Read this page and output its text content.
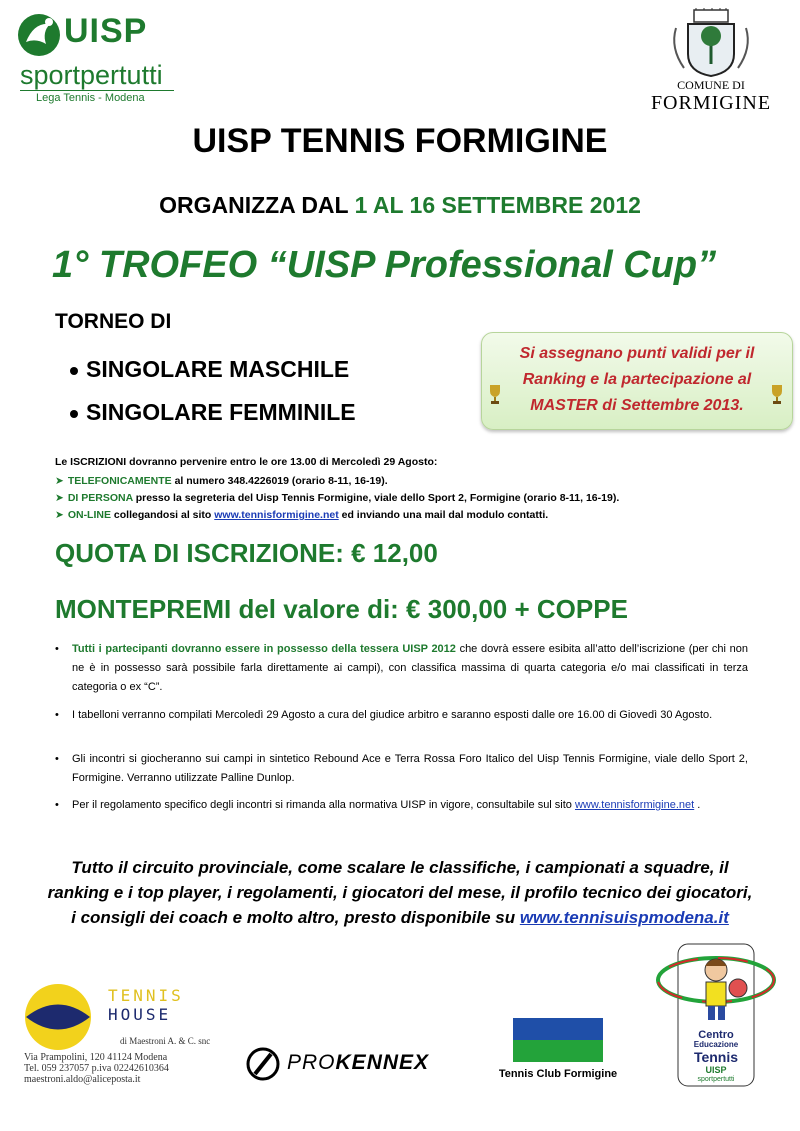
UISP
sportpertutti
Lega Tennis - Modena
COMUNE DI
FORMIGINE
UISP TENNIS FORMIGINE
ORGANIZZA DAL 1 AL 16 SETTEMBRE 2012
1° TROFEO “UISP Professional Cup”
TORNEO DI
SINGOLARE MASCHILE
SINGOLARE FEMMINILE
Si assegnano punti validi per il
Ranking e la partecipazione al
MASTER di Settembre 2013.
Le ISCRIZIONI dovranno pervenire entro le ore 13.00 di Mercoledì 29 Agosto:
➤ TELEFONICAMENTE al numero 348.4226019 (orario 8-11, 16-19).
➤ DI PERSONA presso la segreteria del Uisp Tennis Formigine, viale dello Sport 2, Formigine (orario 8-11, 16-19).
➤ ON-LINE collegandosi al sito www.tennisformigine.net ed inviando una mail dal modulo contatti.
QUOTA DI ISCRIZIONE: € 12,00
MONTEPREMI del valore di: € 300,00 + COPPE
• Tutti i partecipanti dovranno essere in possesso della tessera UISP 2012 che dovrà essere esibita all’atto dell’iscrizione (per chi non ne è in possesso sarà possibile farla direttamente ai campi), con classifica massima di quarta categoria e/o mai classificati in terza categoria o ex “C”.
• I tabelloni verranno compilati Mercoledì 29 Agosto a cura del giudice arbitro e saranno esposti dalle ore 16.00 di Giovedì 30 Agosto.
• Gli incontri si giocheranno sui campi in sintetico Rebound Ace e Terra Rossa Foro Italico del Uisp Tennis Formigine, viale dello Sport 2, Formigine. Verranno utilizzate Palline Dunlop.
• Per il regolamento specifico degli incontri si rimanda alla normativa UISP in vigore, consultabile sul sito www.tennisformigine.net .
Tutto il circuito provinciale, come scalare le classifiche, i campionati a squadre, il
ranking e i top player, i regolamenti, i giocatori del mese, il profilo tecnico dei giocatori,
i consigli dei coach e molto altro, presto disponibile su www.tennisuispmodena.it
TENNIS
HOUSE
di Maestroni A. & C. snc
Via Prampolini, 120 41124 Modena
Tel. 059 237057 p.iva 02242610364
maestroni.aldo@aliceposta.it
PROKENNEX	Tennis Club Formigine
Centro
Educazione
Tennis
UISP
sportpertutti
